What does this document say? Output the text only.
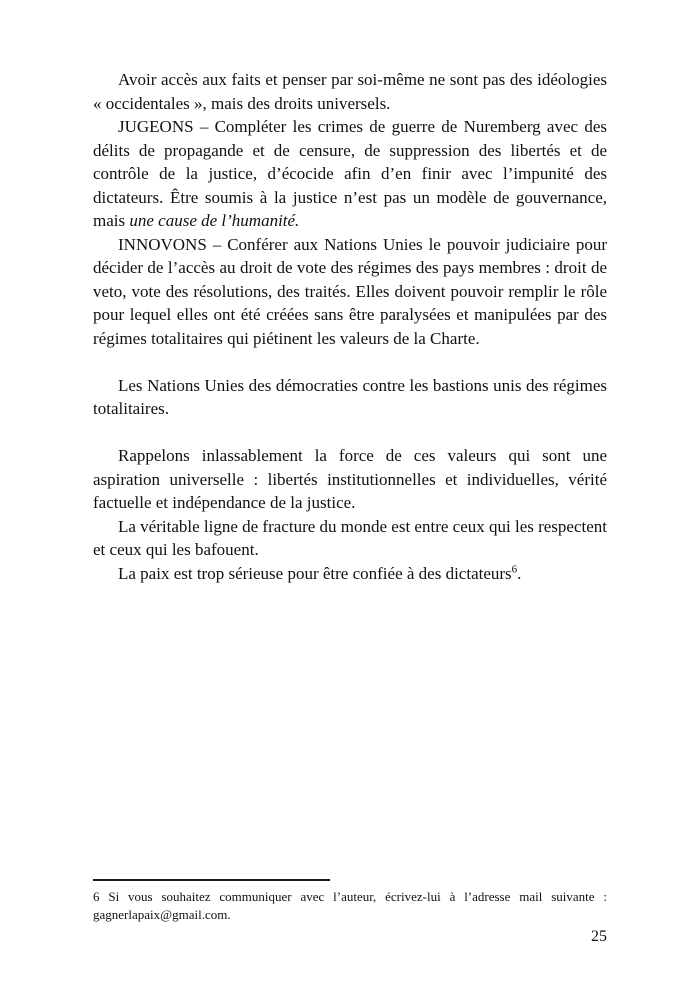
Avoir accès aux faits et penser par soi-même ne sont pas des idéologies « occidentales », mais des droits universels.

JUGEONS – Compléter les crimes de guerre de Nuremberg avec des délits de propagande et de censure, de suppression des libertés et de contrôle de la justice, d’écocide afin d’en finir avec l’impunité des dictateurs. Être soumis à la justice n’est pas un modèle de gouvernance, mais une cause de l’humanité.

INNOVONS – Conférer aux Nations Unies le pouvoir judiciaire pour décider de l’accès au droit de vote des régimes des pays membres : droit de veto, vote des résolutions, des traités. Elles doivent pouvoir remplir le rôle pour lequel elles ont été créées sans être paralysées et manipulées par des régimes totalitaires qui piétinent les valeurs de la Charte.

Les Nations Unies des démocraties contre les bastions unis des régimes totalitaires.

Rappelons inlassablement la force de ces valeurs qui sont une aspiration universelle : libertés institutionnelles et individuelles, vérité factuelle et indépendance de la justice.

La véritable ligne de fracture du monde est entre ceux qui les respectent et ceux qui les bafouent.

La paix est trop sérieuse pour être confiée à des dictateurs$^6$.

6 Si vous souhaitez communiquer avec l’auteur, écrivez-lui à l’adresse mail suivante :
gagnerlapaix@gmail.com.
25
